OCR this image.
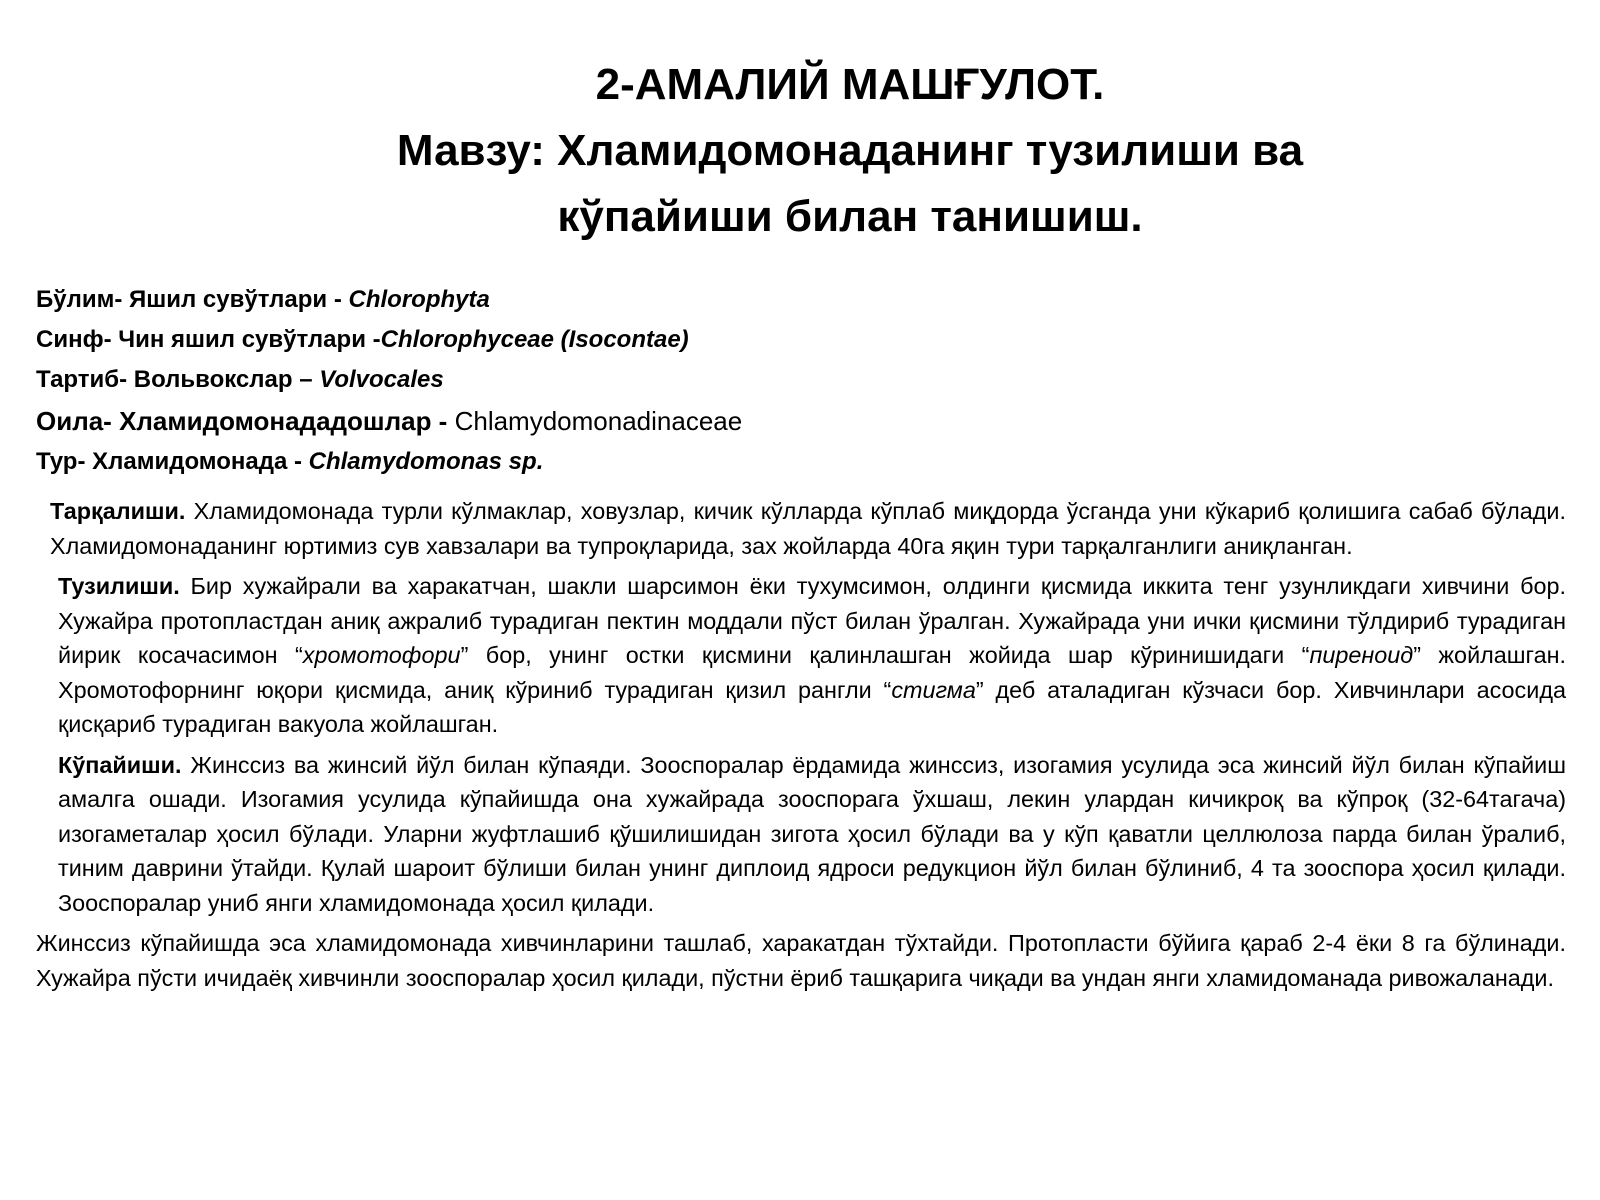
2-АМАЛИЙ МАШҒУЛОТ.
Мавзу: Хламидомонаданинг тузилиши ва
кўпайиши билан танишиш.
Бўлим- Яшил сувўтлари - Chlorophyta
Синф- Чин яшил сувўтлари -Chlorophyceae (Isocontae)
Тартиб- Вольвокслар – Volvocales
Оила- Хламидомонададошлар - Chlamydomonadinaceae
Тур- Хламидомонада - Chlamydomonas sp.

Тарқалиши. Хламидомонада турли кўлмаклар, ховузлар, кичик кўлларда кўплаб миқдорда ўсганда уни кўкариб қолишига сабаб бўлади. Хламидомонаданинг юртимиз сув хавзалари ва тупроқларида, зах жойларда 40га яқин тури тарқалганлиги аниқланган.

Тузилиши. Бир хужайрали ва харакатчан, шакли шарсимон ёки тухумсимон, олдинги қисмида иккита тенг узунликдаги хивчини бор. Хужайра протопластдан аниқ ажралиб турадиган пектин моддали пўст билан ўралган. Хужайрада уни ички қисмини тўлдириб турадиган йирик косачасимон “хромотофори” бор, унинг остки қисмини қалинлашган жойида шар кўринишидаги “пиреноид” жойлашган. Хромотофорнинг юқори қисмида, аниқ кўриниб турадиган қизил рангли “стигма” деб аталадиган кўзчаси бор. Хивчинлари асосида қисқариб турадиган вакуола жойлашган.

Кўпайиши. Жинссиз ва жинсий йўл билан кўпаяди. Зооспоралар ёрдамида жинссиз, изогамия усулида эса жинсий йўл билан кўпайиш амалга ошади. Изогамия усулида кўпайишда она хужайрада зооспорага ўхшаш, лекин улардан кичикроқ ва кўпроқ (32-64тагача) изогаметалар ҳосил бўлади. Уларни жуфтлашиб қўшилишидан зигота ҳосил бўлади ва у кўп қаватли целлюлоза парда билан ўралиб, тиним даврини ўтайди. Қулай шароит бўлиши билан унинг диплоид ядроси редукцион йўл билан бўлиниб, 4 та зооспора ҳосил қилади. Зооспоралар униб янги хламидомонада ҳосил қилади.

Жинссиз кўпайишда эса хламидомонада хивчинларини ташлаб, харакатдан тўхтайди. Протопласти бўйига қараб 2-4 ёки 8 га бўлинади. Хужайра пўсти ичидаёқ хивчинли зооспоралар ҳосил қилади, пўстни ёриб ташқарига чиқади ва ундан янги хламидоманада ривожаланади.
